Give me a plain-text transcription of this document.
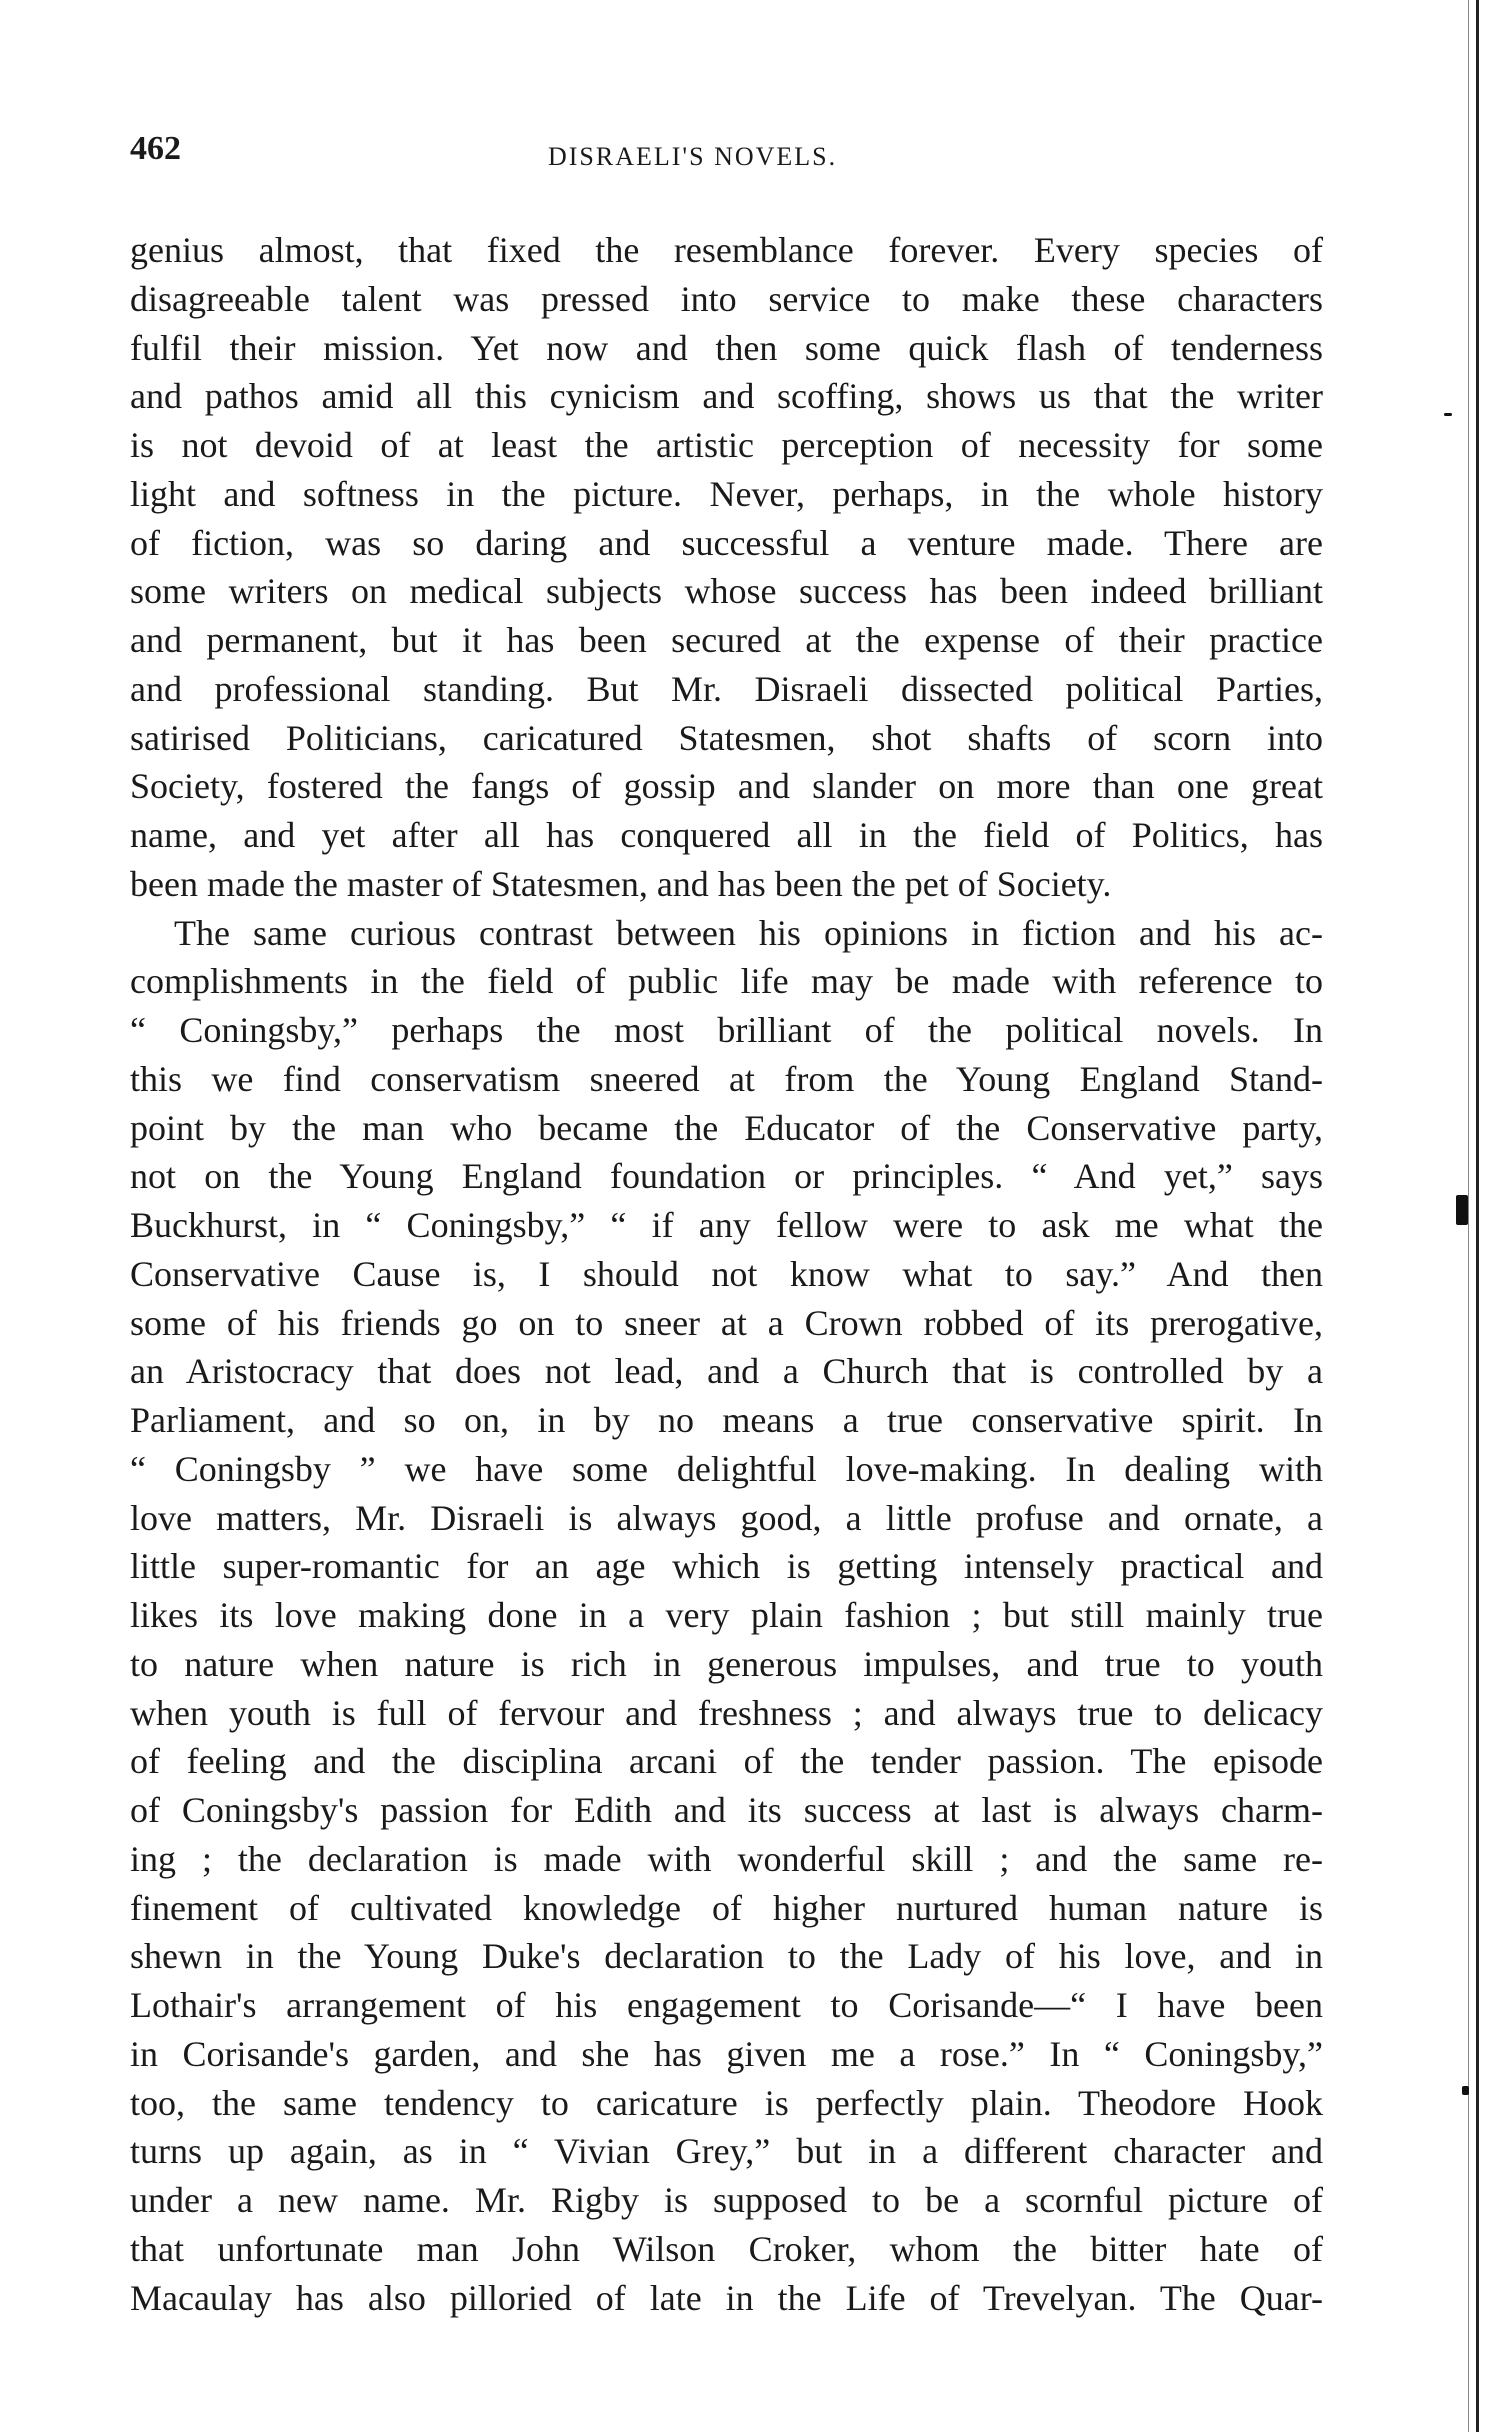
462	DISRAELI'S NOVELS.
genius almost, that fixed the resemblance forever. Every species of
disagreeable talent was pressed into service to make these characters
fulfil their mission. Yet now and then some quick flash of tenderness
and pathos amid all this cynicism and scoffing, shows us that the writer
is not devoid of at least the artistic perception of necessity for some
light and softness in the picture. Never, perhaps, in the whole history
of fiction, was so daring and successful a venture made. There are
some writers on medical subjects whose success has been indeed brilliant
and permanent, but it has been secured at the expense of their practice
and professional standing. But Mr. Disraeli dissected political Parties,
satirised Politicians, caricatured Statesmen, shot shafts of scorn into
Society, fostered the fangs of gossip and slander on more than one great
name, and yet after all has conquered all in the field of Politics, has
been made the master of Statesmen, and has been the pet of Society.
The same curious contrast between his opinions in fiction and his ac-
complishments in the field of public life may be made with reference to
“ Coningsby,” perhaps the most brilliant of the political novels. In
this we find conservatism sneered at from the Young England Stand-
point by the man who became the Educator of the Conservative party,
not on the Young England foundation or principles. “ And yet,” says
Buckhurst, in “ Coningsby,” “ if any fellow were to ask me what the
Conservative Cause is, I should not know what to say.” And then
some of his friends go on to sneer at a Crown robbed of its prerogative,
an Aristocracy that does not lead, and a Church that is controlled by a
Parliament, and so on, in by no means a true conservative spirit. In
“ Coningsby ” we have some delightful love-making. In dealing with
love matters, Mr. Disraeli is always good, a little profuse and ornate, a
little super-romantic for an age which is getting intensely practical and
likes its love making done in a very plain fashion ; but still mainly true
to nature when nature is rich in generous impulses, and true to youth
when youth is full of fervour and freshness ; and always true to delicacy
of feeling and the disciplina arcani of the tender passion. The episode
of Coningsby's passion for Edith and its success at last is always charm-
ing ; the declaration is made with wonderful skill ; and the same re-
finement of cultivated knowledge of higher nurtured human nature is
shewn in the Young Duke's declaration to the Lady of his love, and in
Lothair's arrangement of his engagement to Corisande—“ I have been
in Corisande's garden, and she has given me a rose.” In “ Coningsby,”
too, the same tendency to caricature is perfectly plain. Theodore Hook
turns up again, as in “ Vivian Grey,” but in a different character and
under a new name. Mr. Rigby is supposed to be a scornful picture of
that unfortunate man John Wilson Croker, whom the bitter hate of
Macaulay has also pilloried of late in the Life of Trevelyan. The Quar-
